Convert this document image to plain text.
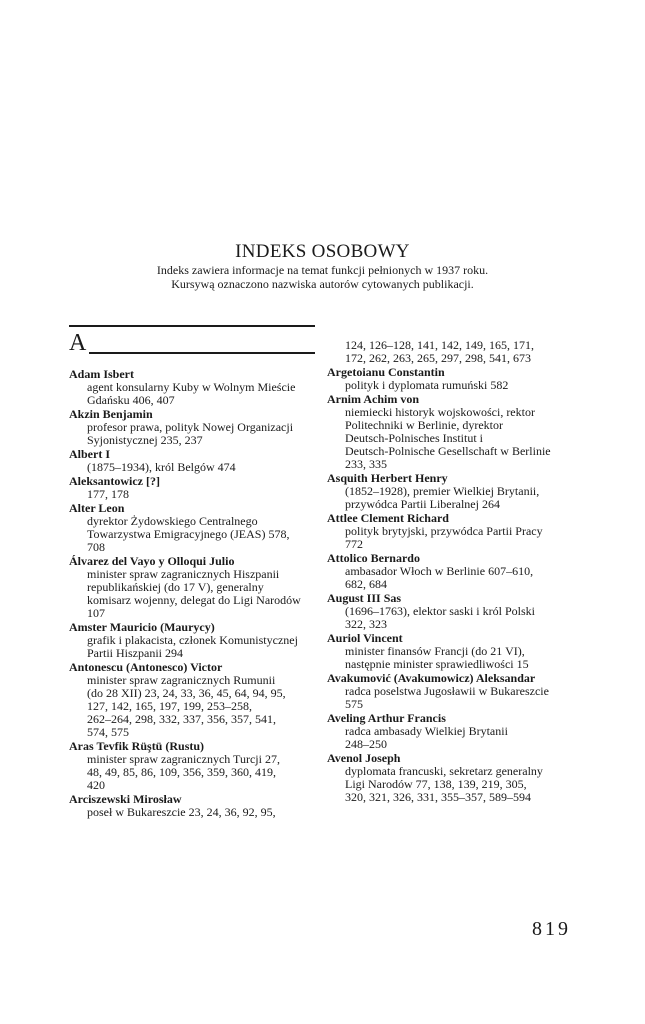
INDEKS OSOBOWY
Indeks zawiera informacje na temat funkcji pełnionych w 1937 roku.
Kursywą oznaczono nazwiska autorów cytowanych publikacji.
A
Adam Isbert
agent konsularny Kuby w Wolnym Mieście
Gdańsku 406, 407
Akzin Benjamin
profesor prawa, polityk Nowej Organizacji
Syjonistycznej 235, 237
Albert I
(1875–1934), król Belgów 474
Aleksantowicz [?]
177, 178
Alter Leon
dyrektor Żydowskiego Centralnego
Towarzystwa Emigracyjnego (JEAS) 578,
708
Álvarez del Vayo y Olloqui Julio
minister spraw zagranicznych Hiszpanii
republikańskiej (do 17 V), generalny
komisarz wojenny, delegat do Ligi Narodów
107
Amster Mauricio (Maurycy)
grafik i plakacista, członek Komunistycznej
Partii Hiszpanii 294
Antonescu (Antonesco) Victor
minister spraw zagranicznych Rumunii
(do 28 XII) 23, 24, 33, 36, 45, 64, 94, 95,
127, 142, 165, 197, 199, 253–258,
262–264, 298, 332, 337, 356, 357, 541,
574, 575
Aras Tevfik Rüştü (Rustu)
minister spraw zagranicznych Turcji 27,
48, 49, 85, 86, 109, 356, 359, 360, 419,
420
Arciszewski Mirosław
poseł w Bukareszcie 23, 24, 36, 92, 95,
124, 126–128, 141, 142, 149, 165, 171,
172, 262, 263, 265, 297, 298, 541, 673
Argetoianu Constantin
polityk i dyplomata rumuński 582
Arnim Achim von
niemiecki historyk wojskowości, rektor
Politechniki w Berlinie, dyrektor
Deutsch-Polnisches Institut i
Deutsch-Polnische Gesellschaft w Berlinie
233, 335
Asquith Herbert Henry
(1852–1928), premier Wielkiej Brytanii,
przywódca Partii Liberalnej 264
Attlee Clement Richard
polityk brytyjski, przywódca Partii Pracy
772
Attolico Bernardo
ambasador Włoch w Berlinie 607–610,
682, 684
August III Sas
(1696–1763), elektor saski i król Polski
322, 323
Auriol Vincent
minister finansów Francji (do 21 VI),
następnie minister sprawiedliwości 15
Avakumović (Avakumowicz) Aleksandar
radca poselstwa Jugosławii w Bukareszcie
575
Aveling Arthur Francis
radca ambasady Wielkiej Brytanii
248–250
Avenol Joseph
dyplomata francuski, sekretarz generalny
Ligi Narodów 77, 138, 139, 219, 305,
320, 321, 326, 331, 355–357, 589–594
819
